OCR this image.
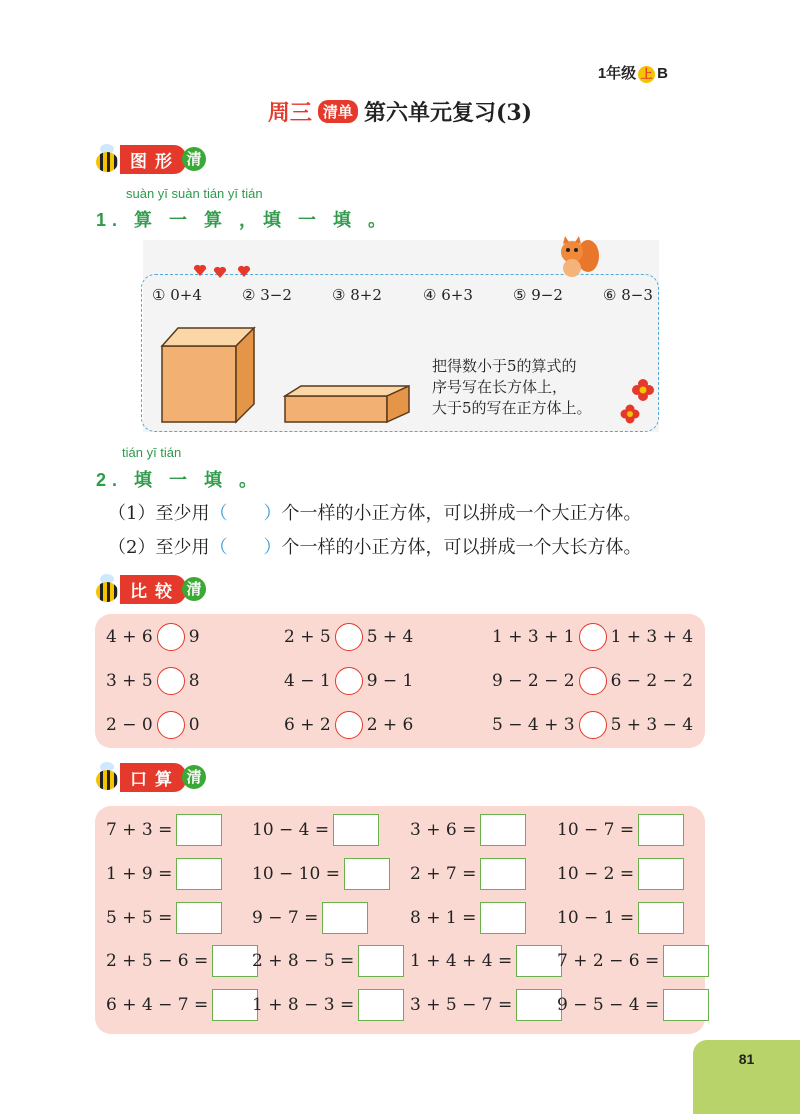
1年级 上 B
周三 清单 第六单元复习(3)
图形 清
suàn yī suàn tián yī tián
1. 算 一 算 ，填 一 填 。
① 0+4	② 3−2	③ 8+2	④ 6+3	⑤ 9−2	⑥ 8−3
把得数小于5的算式的
序号写在长方体上，
大于5的写在正方体上。
tián yī tián
2. 填 一 填 。
（1）至少用（ ）个一样的小正方体，可以拼成一个大正方体。
（2）至少用（ ）个一样的小正方体，可以拼成一个大长方体。
比较 清
4 + 6 9	2 + 5 5 + 4	1 + 3 + 1 1 + 3 + 4
3 + 5 8	4 − 1 9 − 1	9 − 2 − 2 6 − 2 − 2
2 − 0 0	6 + 2 2 + 6	5 − 4 + 3 5 + 3 − 4
口算 清
7 + 3 =	10 − 4 =	3 + 6 =	10 − 7 =
1 + 9 =	10 − 10 =	2 + 7 =	10 − 2 =
5 + 5 =	9 − 7 =	8 + 1 =	10 − 1 =
2 + 5 − 6 =	2 + 8 − 5 =	1 + 4 + 4 =	7 + 2 − 6 =
6 + 4 − 7 =	1 + 8 − 3 =	3 + 5 − 7 =	9 − 5 − 4 =
81
